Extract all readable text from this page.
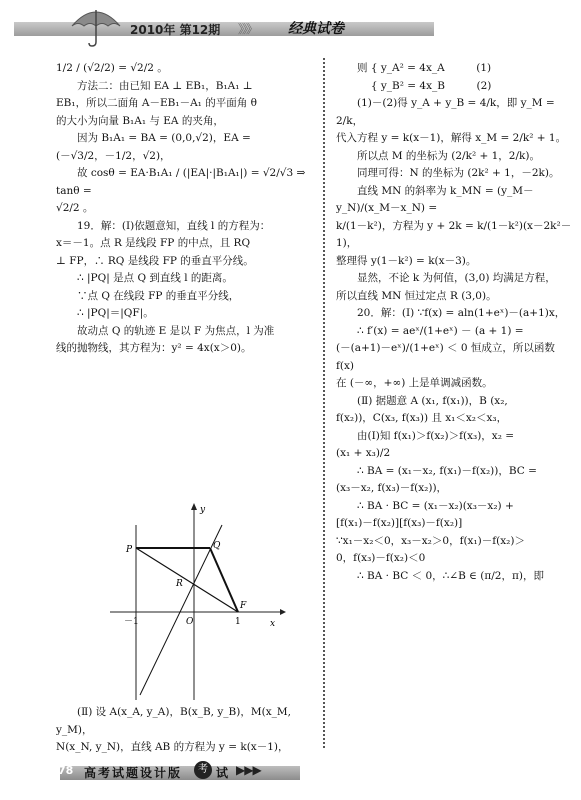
2010年 第12期 》》》 经典试卷

1/2 / (√2/2) = √2/2 。

方法二：由已知 EA ⊥ EB₁，B₁A₁ ⊥

EB₁，所以二面角 A－EB₁－A₁ 的平面角 θ

的大小为向量 B₁A₁ 与 EA 的夹角，

因为 B₁A₁ = BA = (0,0,√2)，EA =

(－√3/2，－1/2，√2)，

故 cosθ = EA·B₁A₁ / (|EA|·|B₁A₁|) = √2/√3 ⇒ tanθ =

√2/2 。

19．解：(Ⅰ)依题意知，直线 l 的方程为：

x＝－1。点 R 是线段 FP 的中点，且 RQ

⊥ FP，∴ RQ 是线段 FP 的垂直平分线。

∴ |PQ| 是点 Q 到直线 l 的距离。

∵点 Q 在线段 FP 的垂直平分线，

∴ |PQ|＝|QF|。

故动点 Q 的轨迹 E 是以 F 为焦点，l 为准

线的抛物线，其方程为：y² = 4x(x＞0)。

y
x
P	Q
R
F
O
－1	1

(Ⅱ) 设 A(x_A, y_A)，B(x_B, y_B)，M(x_M, y_M)，

N(x_N, y_N)，直线 AB 的方程为 y = k(x－1)，

则 { y_A² = 4x_A　　　(1)

　 { y_B² = 4x_B　　　(2)

(1)－(2)得 y_A + y_B = 4/k，即 y_M = 2/k，

代入方程 y = k(x－1)，解得 x_M = 2/k² + 1。

所以点 M 的坐标为 (2/k² + 1，2/k)。

同理可得：N 的坐标为 (2k² + 1，－2k)。

直线 MN 的斜率为 k_MN = (y_M－y_N)/(x_M－x_N) =

k/(1－k²)，方程为 y + 2k = k/(1－k²)(x－2k²－1)，

整理得 y(1－k²) = k(x－3)。

显然，不论 k 为何值，(3,0) 均满足方程，

所以直线 MN 恒过定点 R (3,0)。

20．解：(Ⅰ) ∵f(x) = aln(1+eˣ)－(a+1)x，

∴ f′(x) = aeˣ/(1+eˣ) － (a + 1) =

(－(a+1)－eˣ)/(1+eˣ) ＜ 0 恒成立，所以函数 f(x)

在 (－∞，+∞) 上是单调减函数。

(Ⅱ) 据题意 A (x₁, f(x₁))，B (x₂,

f(x₂))，C(x₃, f(x₃)) 且 x₁＜x₂＜x₃，

由(Ⅰ)知 f(x₁)＞f(x₂)＞f(x₃)，x₂ =

(x₁ + x₃)/2

∴ BA = (x₁－x₂, f(x₁)－f(x₂))，BC =

(x₃－x₂, f(x₃)－f(x₂))，

∴ BA · BC = (x₁－x₂)(x₃－x₂) +

[f(x₁)－f(x₂)][f(x₃)－f(x₂)]

∵x₁－x₂＜0，x₃－x₂＞0，f(x₁)－f(x₂)＞

0，f(x₃)－f(x₂)＜0

∴ BA · BC ＜ 0，∴∠B ∈ (π/2，π)，即

78 高考试题设计版	考 试 ▶▶▶
